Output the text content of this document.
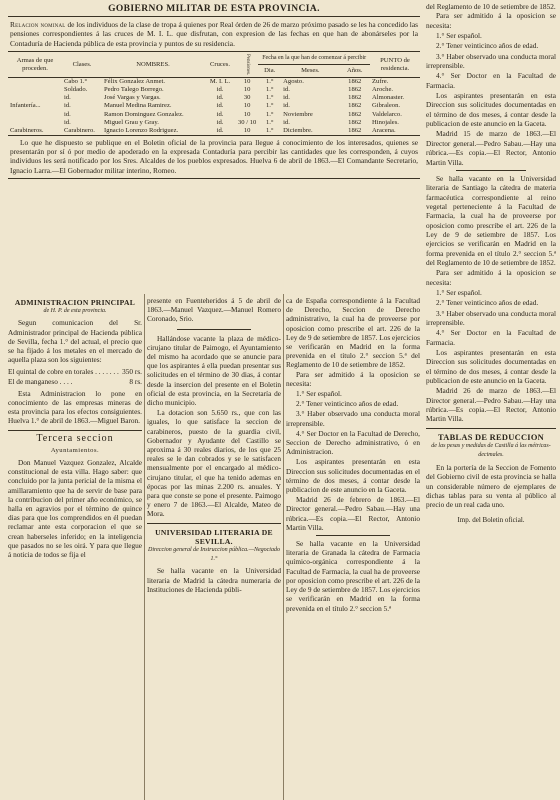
GOBIERNO MILITAR DE ESTA PROVINCIA.
Relacion nominal de los individuos de la clase de tropa á quienes por Real órden de 26 de marzo próximo pasado se les ha concedido las pensiones correspondientes á las cruces de M. I. L. que disfrutan, con expresion de las fechas en que han de abonárseles por la Contaduría de Hacienda pública de esta provincia y puntos de su residencia.
Armas de que proceden.	Clases.	NOMBRES.	Cruces.	Pensiones.	Fecha en la que han de comenzar á percibir			PUNTO de residencia.
					Dia.	Meses.	Años.	
	Cabo 1.°	Félix Gonzalez Anmet.	M. I. L.	10	1.°	Agosto.	1862	Zufre.
	Soldado.	Pedro Talego Borrego.	id.	10	1.°	id.	1862	Aroche.
	id.	José Vargas y Vargas.	id.	30	1.°	id.	1862	Almonaster.
Infantería...	id.	Manuel Medina Ramirez.	id.	10	1.°	id.	1862	Gibraleon.
	id.	Ramon Dominguez Gonzalez.	id.	10	1.°	Noviembre	1862	Valdelarco.
	id.	Miguel Grau y Gray.	id.	30 / 10	1.°	id.	1862	Hinojales.
Carabineros.	Carabinero.	Ignacio Lorenzo Rodriguez.	id.	10	1.°	Diciembre.	1862	Aracena.
Lo que he dispuesto se publique en el Boletin oficial de la provincia para llegue á conocimiento de los interesados, quienes se presentarán por sí ó por medio de apoderado en la expresada Contaduría para percibir las cantidades que les corresponden, á cuyos individuos les será notificado por los Sres. Alcaldes de los pueblos expresados. Huelva 6 de abril de 1863.—El Comandante Secretario, Ignacio Larra.—El Gobernador militar interino, Romeo.
ADMINISTRACION PRINCIPAL
de H. P. de esta provincia.
Segun comunicacion del Sr. Administrador principal de Hacienda pública de Sevilla, fecha 1.° del actual, el precio que se ha fijado á los metales en el mercado de aquella plaza son los siguientes:
El quintal de cobre en torales . . . . . . . 350 rs.
El de manganeso . . . .	8 rs.
Esta Administracion lo pone en conocimiento de las empresas mineras de esta provincia para los efectos consiguientes. Huelva 1.° de abril de 1863.—Miguel Baron.
Tercera seccion
Ayuntamientos.
Don Manuel Vazquez Gonzalez, Alcalde constitucional de esta villa. Hago saber: que concluido por la junta pericial de la misma el amillaramiento que ha de servir de base para la contribucion del primer año económico, se halla en agravios por el término de quince dias para que los comprendidos en él puedan reclamar ante esta corporacion el que se crean haberseles inferido; en la inteligencia que pasados no se les oirá. Y para que llegue á noticia de todos se fija el
presente en Fuenteheridos á 5 de abril de 1863.—Manuel Vazquez.—Manuel Romero Coronado, Srio.
Hallándose vacante la plaza de médico-cirujano titular de Paimogo, el Ayuntamiento del mismo ha acordado que se anuncie para que los aspirantes á ella puedan presentar sus solicitudes en el término de 30 dias, á contar desde la insercion del presente en el Boletin oficial de esta provincia, en la Secretaría de dicho municipio.
La dotacion son 5.650 rs., que con las iguales, lo que satisface la seccion de carabineros, puesto de la guardia civil, Gobernador y Ayudante del Castillo se aproxima á 30 reales diarios, de los que 25 reales se le dan cobrados y se le satisfacen mensualmente por el encargado al médico-cirujano titular, el que ha tenido ademas en épocas por las minas 2.200 rs. anuales. Y para que conste se pone el presente. Paimogo y enero 7 de 1863.—El Alcalde, Mateo de Mora.
UNIVERSIDAD LITERARIA DE SEVILLA.
Direccion general de Instruccion pública.—Negociado 1.°
Se halla vacante en la Universidad literaria de Madrid la cátedra numeraria de Instituciones de Hacienda públi-
ca de España correspondiente á la Facultad de Derecho, Seccion de Derecho administrativo, la cual ha de proveerse por oposicion como prescribe el art. 226 de la Ley de 9 de setiembre de 1857. Los ejercicios se verificarán en Madrid en la forma prevenida en el título 2.° seccion 5.ª del Reglamento de 10 de setiembre de 1852.
Para ser admitido á la oposicion se necesita:
1.° Ser español.
2.° Tener veinticinco años de edad.
3.° Haber observado una conducta moral irreprensible.
4.° Ser Doctor en la Facultad de Derecho, Seccion de Derecho administrativo, ó en Administracion.
Los aspirantes presentarán en esta Direccion sus solicitudes documentadas en el término de dos meses, á contar desde la publicacion de este anuncio en la Gaceta.
Madrid 26 de febrero de 1863.—El Director general.—Pedro Sabau.—Hay una rúbrica.—Es copia.—El Rector, Antonio Martin Villa.
Se halla vacante en la Universidad literaria de Granada la cátedra de Farmacia químico-orgánica correspondiente á la Facultad de Farmacia, la cual ha de proveerse por oposicion como prescribe el art. 226 de la Ley de 9 de setiembre de 1857. Los ejercicios se verificarán en Madrid en la forma prevenida en el título 2.° seccion 5.ª
del Reglamento de 10 de setiembre de 1852.
Para ser admitido á la oposicion se necesita:
1.° Ser español.
2.° Tener veinticinco años de edad.
3.° Haber observado una conducta moral irreprensible.
4.° Ser Doctor en la Facultad de Farmacia.
Los aspirantes presentarán en esta Direccion sus solicitudes documentadas en el término de dos meses, á contar desde la publicacion de este anuncio en la Gaceta.
Madrid 15 de marzo de 1863.—El Director general.—Pedro Sabau.—Hay una rúbrica.—Es copia.—El Rector, Antonio Martin Villa.
Se halla vacante en la Universidad literaria de Santiago la cátedra de materia farmacéutica correspondiente al reino vegetal perteneciente á la Facultad de Farmacia, la cual ha de proveerse por oposicion como prescribe el art. 226 de la Ley de 9 de setiembre de 1857. Los ejercicios se verificarán en Madrid en la forma prevenida en el título 2.° seccion 5.ª del Reglamento de 10 de setiembre de 1852.
Para ser admitido á la oposicion se necesita:
1.° Ser español.
2.° Tener veinticinco años de edad.
3.° Haber observado una conducta moral irreprensible.
4.° Ser Doctor en la Facultad de Farmacia.
Los aspirantes presentarán en esta Direccion sus solicitudes documentadas en el término de dos meses, á contar desde la publicacion de este anuncio en la Gaceta.
Madrid 26 de marzo de 1863.—El Director general.—Pedro Sabau.—Hay una rúbrica.—Es copia.—El Rector, Antonio Martin Villa.
TABLAS DE REDUCCION
de las pesas y medidas de Castilla á las métricas-decimales.
En la portería de la Seccion de Fomento del Gobierno civil de esta provincia se halla un considerable número de ejemplares de dichas tablas para su venta al público al precio de un real cada uno.
Imp. del Boletin oficial.
